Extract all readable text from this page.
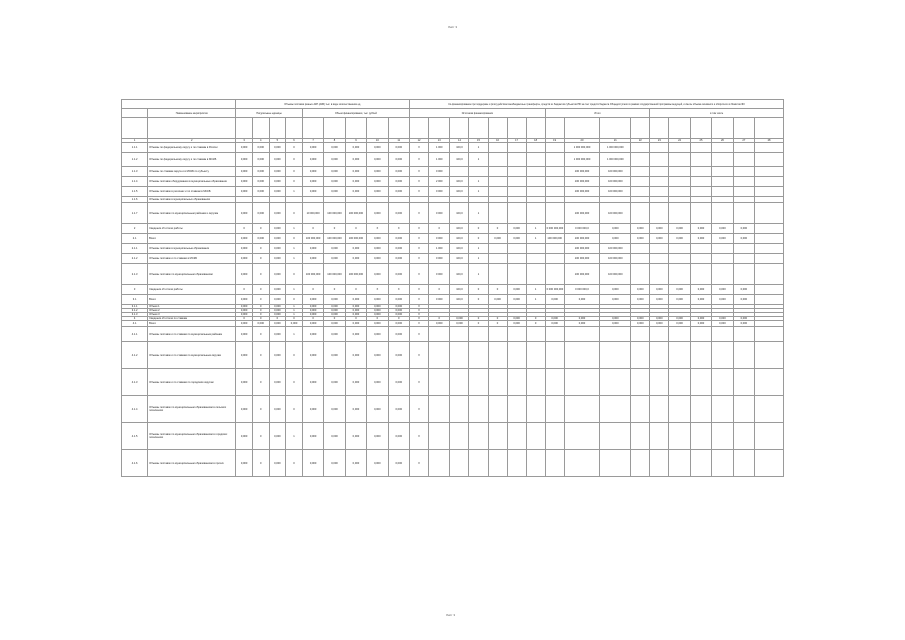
Лист 3
		Объемы поставки разных АКР (АКБ) тыс. в виде количественном ед.									Ко-финансирование при поддержке и (или) действии межбюджетные трансферты, средств из бюджетов субъектов РФ за счет средств бюджета Общедоступного в рамках государственной программы ведущей, и сметы объема основного и оборотного в Лимитов ФЗ																
	Наименование мероприятия	Натуральные единицы				Объем финансирования, тыс. рублей					Источники финансирования							Итого				в том числе					

1	2	3	4	5	6	7	8	9	10	11	12	13	14	15	16	17	18	19	20	21	22	23	24	25	26	27	28
1.1.1	Объемы по федеральному округу и по ставкам в России	0,000	0,000	0,000	0	0,000	0,000	0,000	0,000	0,000	X	1 000	100,0	1					1 000 000,000	1 000 000,000							
1.1.2	Объемы по федеральному округу и по ставкам в МСКБ	0,000	0,000	0,000	0	0,000	0,000	0,000	0,000	0,000	X	1 000	100,0	1					1 000 000,000	1 000 000,000							
1.1.3	Объемы по ставкам округа и в МСКБ по субъекту	0,000	0,000	0,000	0	0,000	0,000	0,000	0,000	0,000	X	0 000							100 000,000	100 000,000							
1.1.4	Объемы поставок оборудования в муниципальные образования	0,000	0,000	0,000	0	0,000	0,000	0,000	0,000	0,000	X	2 000	100,0	1					100 000,000	100 000,000							
1.1.5	Объемы поставок в регионах и по ставкам в МСКБ	0,000	0,000	0,000	1	0,000	0,000	0,000	0,000	0,000	X	0 000	100,0	1					100 000,000	100 000,000							
1.1.6	Объемы поставок в муниципальных образованиях																										
1.1.7	Объемы поставок по муниципальным районам и округам	0,000	0,000	0,000	0	10 000,000	100 000,000	100 000,000	0,000	0,000	X	0 000	100,0	1					100 000,000	100 000,000							
2	Сведения об итогах работы	0	0	0,000	1	0	0	0	X	X	X	0	100,0	0	0	0,000	1	0 000 000,000	0 000 000,0	0,000	0,000	0,000	0,000	0,000	0,000	0,000	
2.1	Всего	0,000	0,000	0,000	0	100 000,000	100 000,000	100 000,000	0,000	0,000	X	0 000	100,0	0	0,000	0,000	1	100 000,000	100 000,000	0,000	0,000	0,000	0,000	0,000	0,000	0,000	
2.1.1	Объемы поставок в муниципальные образования	0,000	0	0,000	1	0,000	0,000	0,000	0,000	0,000	X	1 000	100,0	1					100 000,000	100 000,000							
2.1.2	Объемы поставок и по ставкам в МСКБ	0,000	0	0,000	1	0,000	0,000	0,000	0,000	0,000	X	0 000	100,0	1					100 000,000	100 000,000							
2.1.3	Объемы поставок по муниципальным образованиям	0,000	0	0,000	0	100 000,000	100 000,000	100 000,000	0,000	0,000	X	0 000	100,0	1					100 000,000	100 000,000							
3	Сведения об итогах работы	0	0	0,000	1	0	0	0	X	X	X	0	100,0	0	0	0,000	1	0 000 000,000	0 000 000,0	0,000	0,000	0,000	0,000	0,000	0,000	0,000	
3.1	Всего	0,000	0	0,000	0	0,000	0,000	0,000	0,000	0,000	X	0 000	100,0	0	0,000	0,000	1	0,000	0,000	0,000	0,000	0,000	0,000	0,000	0,000	0,000	
3.1.1	Объем 1	0,000	0	0,000	1	0,000	0,000	0,000	0,000	0,000	X																
3.1.2	Объем 2	0,000	0	0,000	1	0,000	0,000	0,000	0,000	0,000	X																
3.1.3	Объем 3	0,000	0	0,000	1	0,000	0,000	0,000	0,000	0,000	X																
4	Сведения об итогах по ставкам	0	0	0	0	0	0	0	0	0	X	0	0,000	0	0	0,000	0	0,000	0,000	0,000	0,000	0,000	0,000	0,000	0,000	0,000	
4.1	Всего	0,000	0,000	0,000	0,000	0,000	0,000	0,000	0,000	0,000	X	0,000	0,000	0	0	0,000	0	0,000	0,000	0,000	0,000	0,000	0,000	0,000	0,000	0,000	
4.1.1	Объемы поставок и по ставкам по муниципальным районам	0,000	0	0,000	1	0,000	0,000	0,000	0,000	0,000	X																
4.1.2	Объемы поставок и по ставкам по муниципальным округам	0,000	0	0,000	0	0,000	0,000	0,000	0,000	0,000	X																
4.1.3	Объемы поставок и по ставкам по городским округам	0,000	0	0,000	0	0,000	0,000	0,000	0,000	0,000	X																
4.1.4	Объемы поставок по муниципальным образованиям в сельских поселениях	0,000	0	0,000	0	0,000	0,000	0,000	0,000	0,000	X																
4.1.5	Объемы поставок по муниципальным образованиям в городских поселениях	0,000	0	0,000	1	0,000	0,000	0,000	0,000	0,000	X																
4.1.6	Объемы поставок по муниципальным образованиям в прочих	0,000	0	0,000	0	0,000	0,000	0,000	0,000	0,000	X																
Лист 3
